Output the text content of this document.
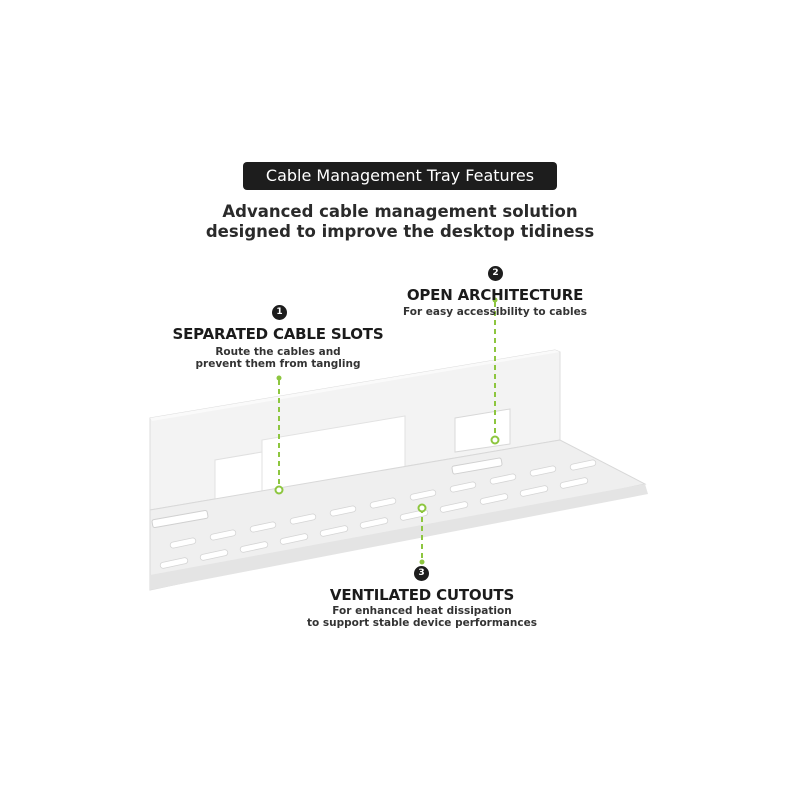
Cable Management Tray Features
Advanced cable management solution
designed to improve the desktop tidiness
1
SEPARATED CABLE SLOTS
Route the cables and
prevent them from tangling
2
OPEN ARCHITECTURE
For easy accessibility to cables
3
VENTILATED CUTOUTS
For enhanced heat dissipation
to support stable device performances
